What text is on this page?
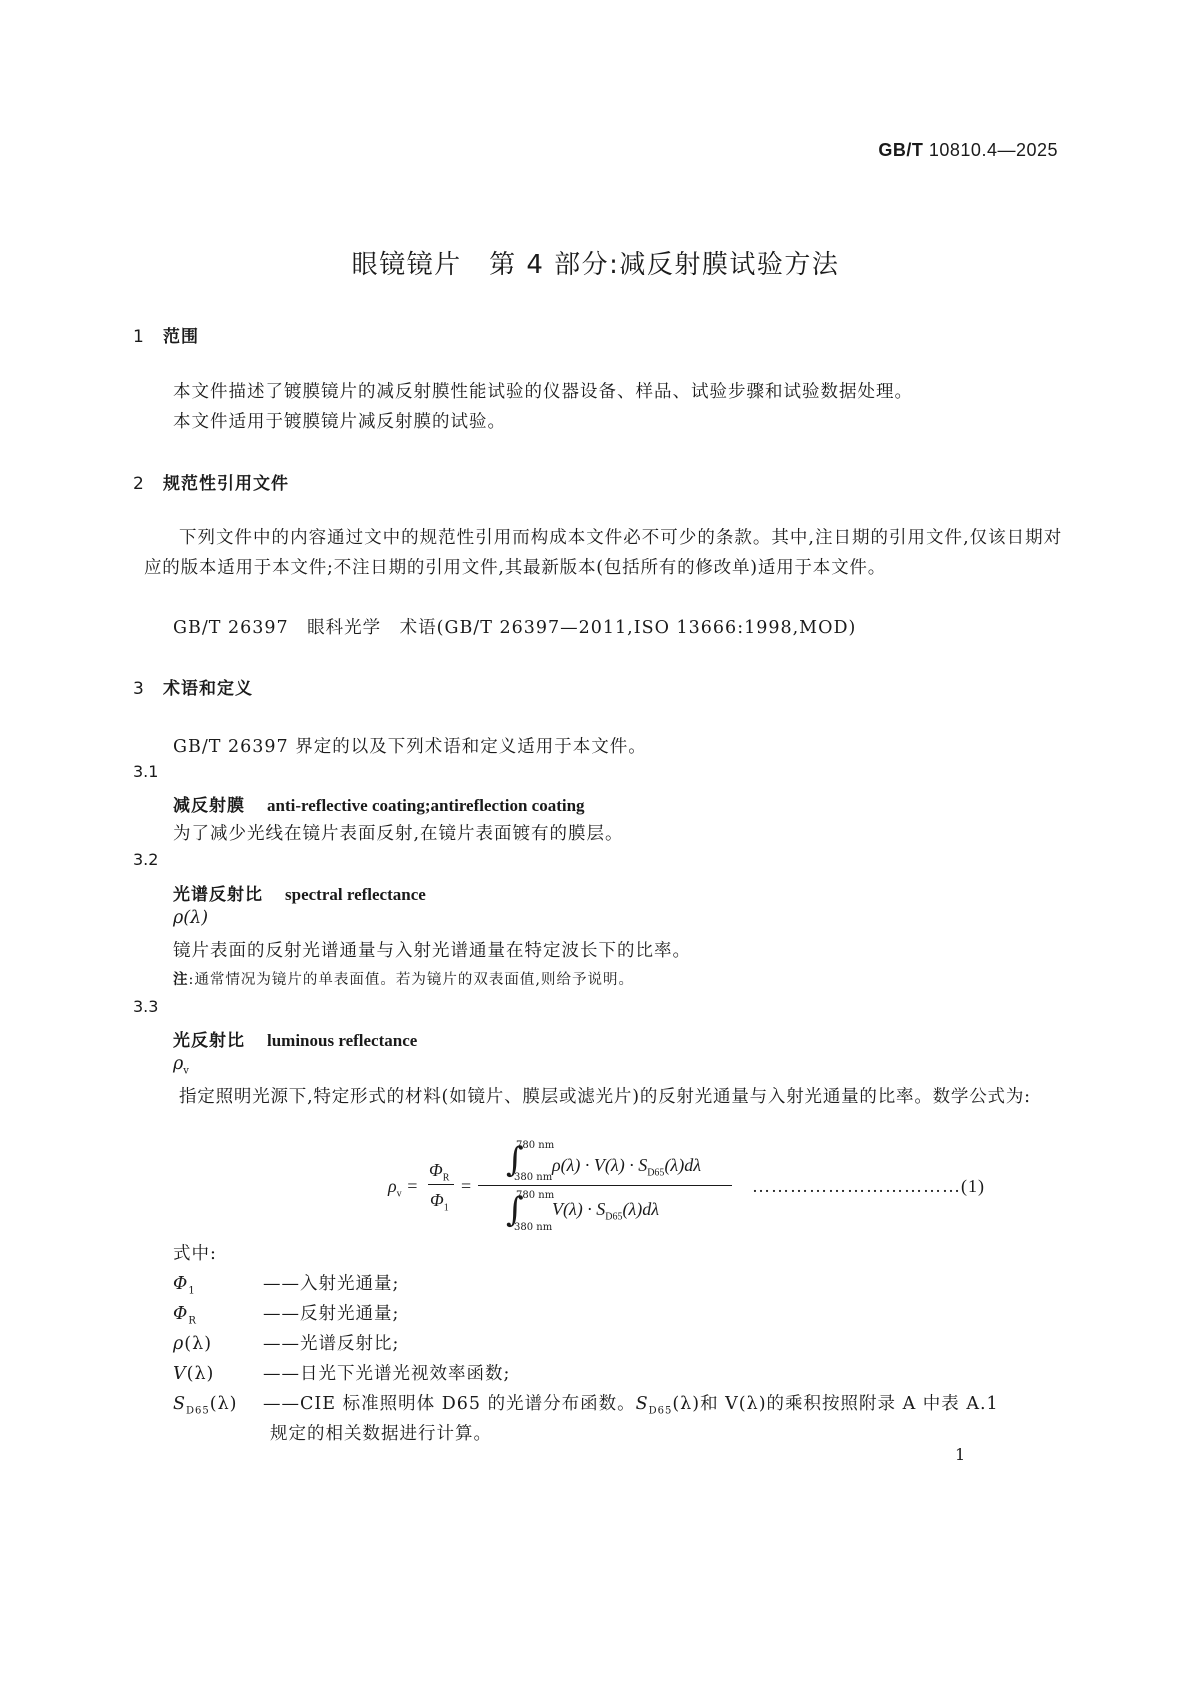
GB/T 10810.4—2025
眼镜镜片　第 4 部分:减反射膜试验方法
1 范围
本文件描述了镀膜镜片的减反射膜性能试验的仪器设备、样品、试验步骤和试验数据处理。
本文件适用于镀膜镜片减反射膜的试验。
2 规范性引用文件
下列文件中的内容通过文中的规范性引用而构成本文件必不可少的条款。其中,注日期的引用文件,仅该日期对应的版本适用于本文件;不注日期的引用文件,其最新版本(包括所有的修改单)适用于本文件。
GB/T 26397　眼科光学　术语(GB/T 26397—2011,ISO 13666:1998,MOD)
3 术语和定义
GB/T 26397 界定的以及下列术语和定义适用于本文件。
3.1
减反射膜 anti-reflective coating;antireflection coating
为了减少光线在镜片表面反射,在镜片表面镀有的膜层。
3.2
光谱反射比 spectral reflectance
ρ(λ)
镜片表面的反射光谱通量与入射光谱通量在特定波长下的比率。
注:通常情况为镜片的单表面值。若为镜片的双表面值,则给予说明。
3.3
光反射比 luminous reflectance
$\rho_v$
指定照明光源下,特定形式的材料(如镜片、膜层或滤光片)的反射光通量与入射光通量的比率。数学公式为:
$\rho_v$ =
$\Phi_R$
$\Phi_1$
=
∫
780 nm
380 nm
$\rho(\lambda) \cdot V(\lambda) \cdot S_{D65}(\lambda)d\lambda$
∫
780 nm
380 nm
$V(\lambda) \cdot S_{D65}(\lambda)d\lambda$
……………………………(1)
式中:
$\Phi_1$	——入射光通量;
$\Phi_R$	——反射光通量;
ρ(λ)	——光谱反射比;
V(λ)	——日光下光谱光视效率函数;
$S_{D65}(\lambda)$ ——CIE 标准照明体 D65 的光谱分布函数。$S_{D65}(\lambda)$和 V(λ)的乘积按照附录 A 中表 A.1
规定的相关数据进行计算。
1
